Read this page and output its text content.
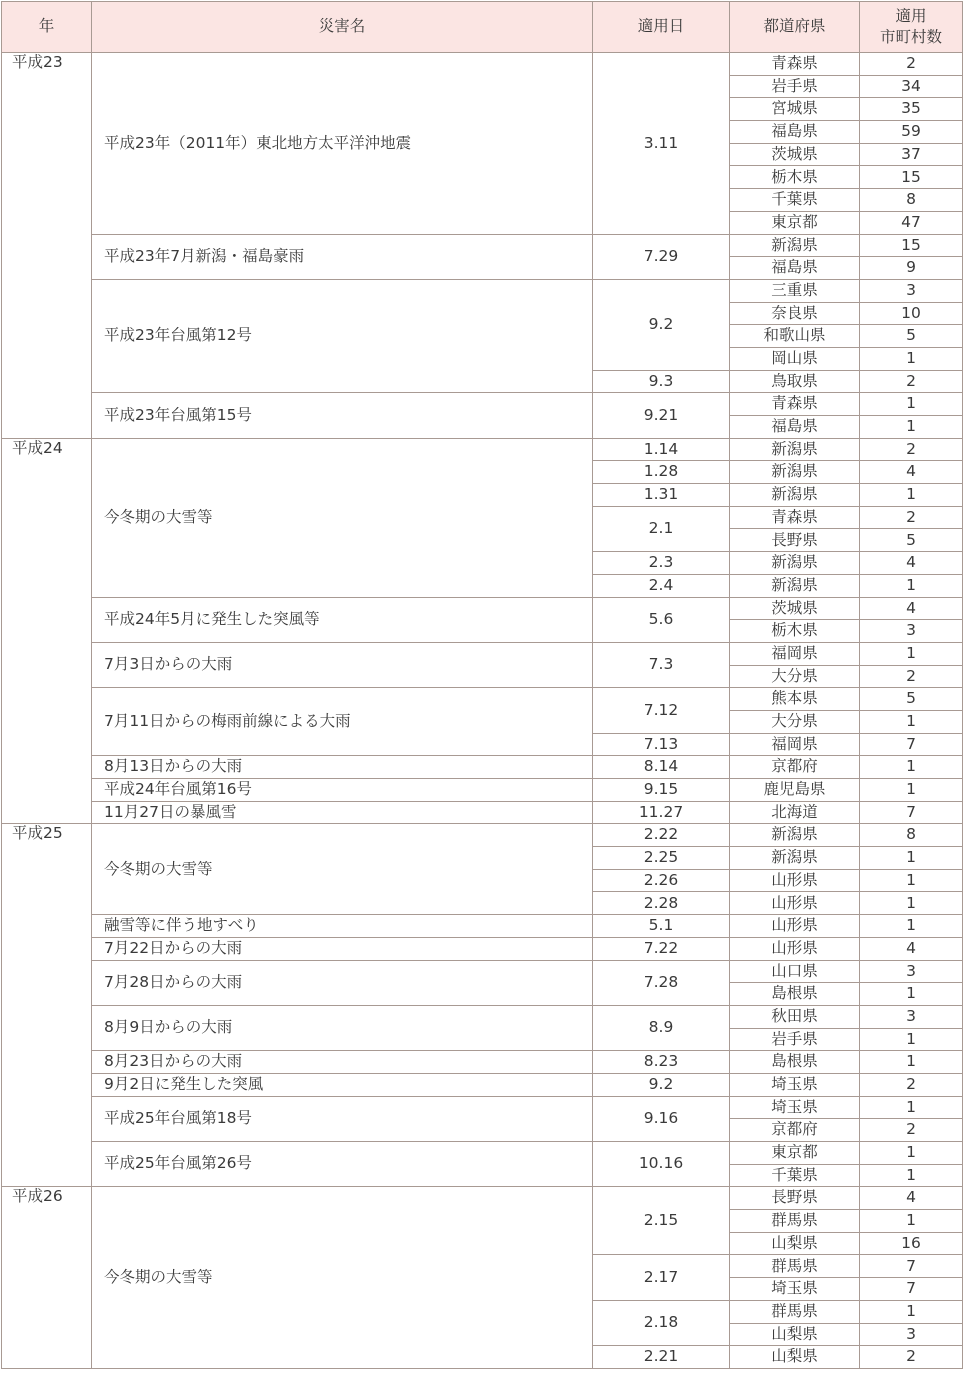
年	災害名	適用日	都道府県	適用
市町村数
平成23	平成23年（2011年）東北地方太平洋沖地震	3.11	青森県	2
			岩手県	34
			宮城県	35
			福島県	59
			茨城県	37
			栃木県	15
			千葉県	8
			東京都	47
	平成23年7月新潟・福島豪雨	7.29	新潟県	15
			福島県	9
	平成23年台風第12号	9.2	三重県	3
			奈良県	10
			和歌山県	5
			岡山県	1
		9.3	鳥取県	2
	平成23年台風第15号	9.21	青森県	1
			福島県	1
平成24	今冬期の大雪等	1.14	新潟県	2
		1.28	新潟県	4
		1.31	新潟県	1
		2.1	青森県	2
			長野県	5
		2.3	新潟県	4
		2.4	新潟県	1
	平成24年5月に発生した突風等	5.6	茨城県	4
			栃木県	3
	7月3日からの大雨	7.3	福岡県	1
			大分県	2
	7月11日からの梅雨前線による大雨	7.12	熊本県	5
			大分県	1
		7.13	福岡県	7
	8月13日からの大雨	8.14	京都府	1
	平成24年台風第16号	9.15	鹿児島県	1
	11月27日の暴風雪	11.27	北海道	7
平成25	今冬期の大雪等	2.22	新潟県	8
		2.25	新潟県	1
		2.26	山形県	1
		2.28	山形県	1
	融雪等に伴う地すべり	5.1	山形県	1
	7月22日からの大雨	7.22	山形県	4
	7月28日からの大雨	7.28	山口県	3
			島根県	1
	8月9日からの大雨	8.9	秋田県	3
			岩手県	1
	8月23日からの大雨	8.23	島根県	1
	9月2日に発生した突風	9.2	埼玉県	2
	平成25年台風第18号	9.16	埼玉県	1
			京都府	2
	平成25年台風第26号	10.16	東京都	1
			千葉県	1
平成26	今冬期の大雪等	2.15	長野県	4
			群馬県	1
			山梨県	16
		2.17	群馬県	7
			埼玉県	7
		2.18	群馬県	1
			山梨県	3
		2.21	山梨県	2
